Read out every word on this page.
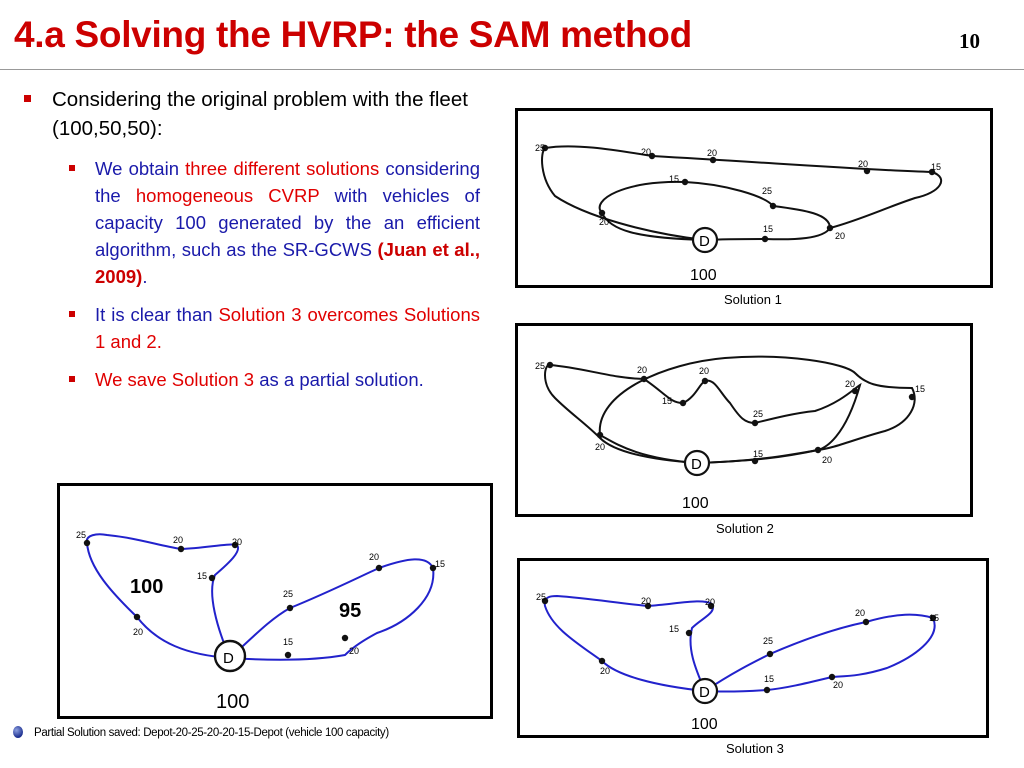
4.a Solving the HVRP: the SAM method	10
Considering the original problem with the fleet (100,50,50):
We obtain three different solutions considering the homogeneous CVRP with vehicles of capacity 100 generated by the an efficient algorithm, such as the SR-GCWS (Juan et al., 2009).
It is clear than Solution 3 overcomes Solutions 1 and 2.
We save Solution 3 as a partial solution.
D
100
25	20	20
20	15
15
25
20
15
20
Solution 1
D
100
25	20	20
20	15
15
25
20
15
20
Solution 2
D
100
25	20	20
20	15
15
25
20
15
20
Solution 3
D
100
100
95
25	20	20
20
15
15
25
20
15
20
Partial Solution saved: Depot-20-25-20-20-15-Depot (vehicle 100 capacity)
